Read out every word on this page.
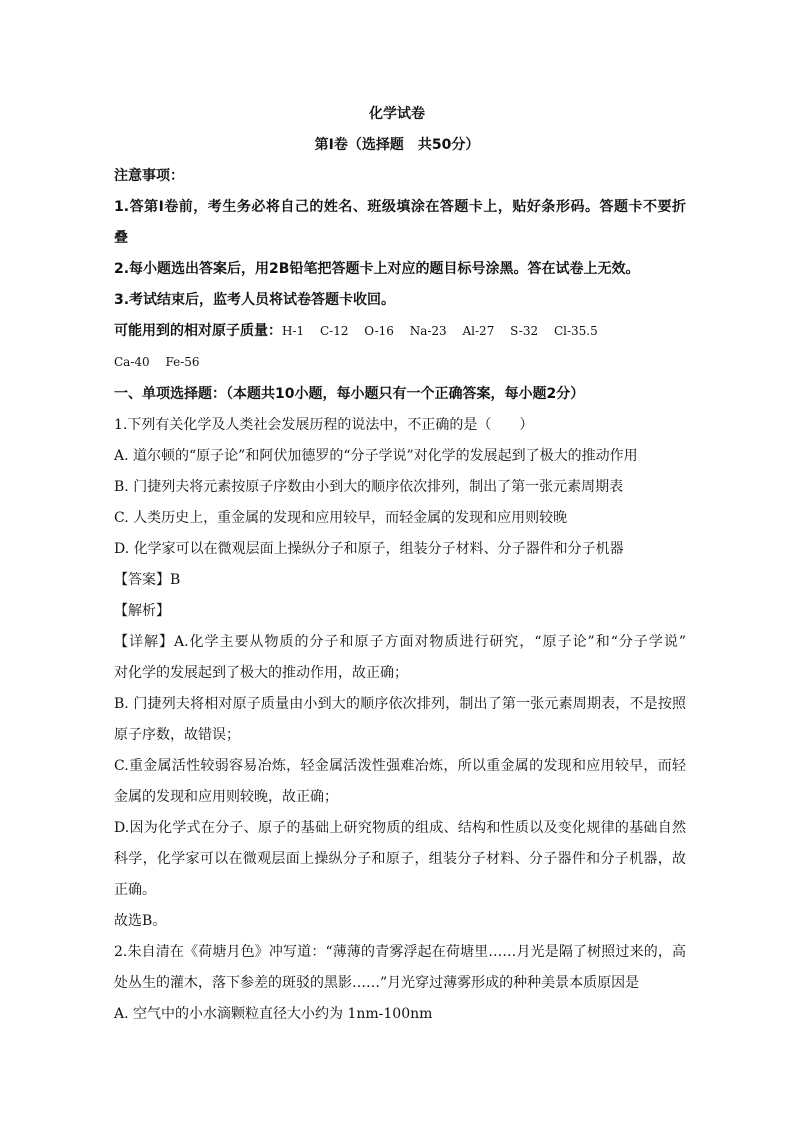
化学试卷
第Ⅰ卷（选择题　共50分）
注意事项：
1.答第Ⅰ卷前，考生务必将自己的姓名、班级填涂在答题卡上，贴好条形码。答题卡不要折
叠
2.每小题选出答案后，用2B铅笔把答题卡上对应的题目标号涂黑。答在试卷上无效。
3.考试结束后，监考人员将试卷答题卡收回。
可能用到的相对原子质量：H-1　 C-12　 O-16　 Na-23　 Al-27　 S-32　 Cl-35.5
Ca-40　 Fe-56
一、单项选择题：（本题共10小题，每小题只有一个正确答案，每小题2分）
1.下列有关化学及人类社会发展历程的说法中，不正确的是（　　）
A. 道尔顿的“原子论”和阿伏加德罗的“分子学说”对化学的发展起到了极大的推动作用
B. 门捷列夫将元素按原子序数由小到大的顺序依次排列，制出了第一张元素周期表
C. 人类历史上，重金属的发现和应用较早，而轻金属的发现和应用则较晚
D. 化学家可以在微观层面上操纵分子和原子，组装分子材料、分子器件和分子机器
【答案】B
【解析】
【详解】A.化学主要从物质的分子和原子方面对物质进行研究，“原子论”和“分子学说”
对化学的发展起到了极大的推动作用，故正确；
B. 门捷列夫将相对原子质量由小到大的顺序依次排列，制出了第一张元素周期表，不是按照
原子序数，故错误；
C.重金属活性较弱容易冶炼，轻金属活泼性强难冶炼，所以重金属的发现和应用较早，而轻
金属的发现和应用则较晚，故正确；
D.因为化学式在分子、原子的基础上研究物质的组成、结构和性质以及变化规律的基础自然
科学，化学家可以在微观层面上操纵分子和原子，组装分子材料、分子器件和分子机器，故
正确。
故选B。
2.朱自清在《荷塘月色》冲写道：“薄薄的青雾浮起在荷塘里……月光是隔了树照过来的，高
处丛生的灌木，落下参差的斑驳的黑影……”月光穿过薄雾形成的种种美景本质原因是
A. 空气中的小水滴颗粒直径大小约为 1nm-100nm
